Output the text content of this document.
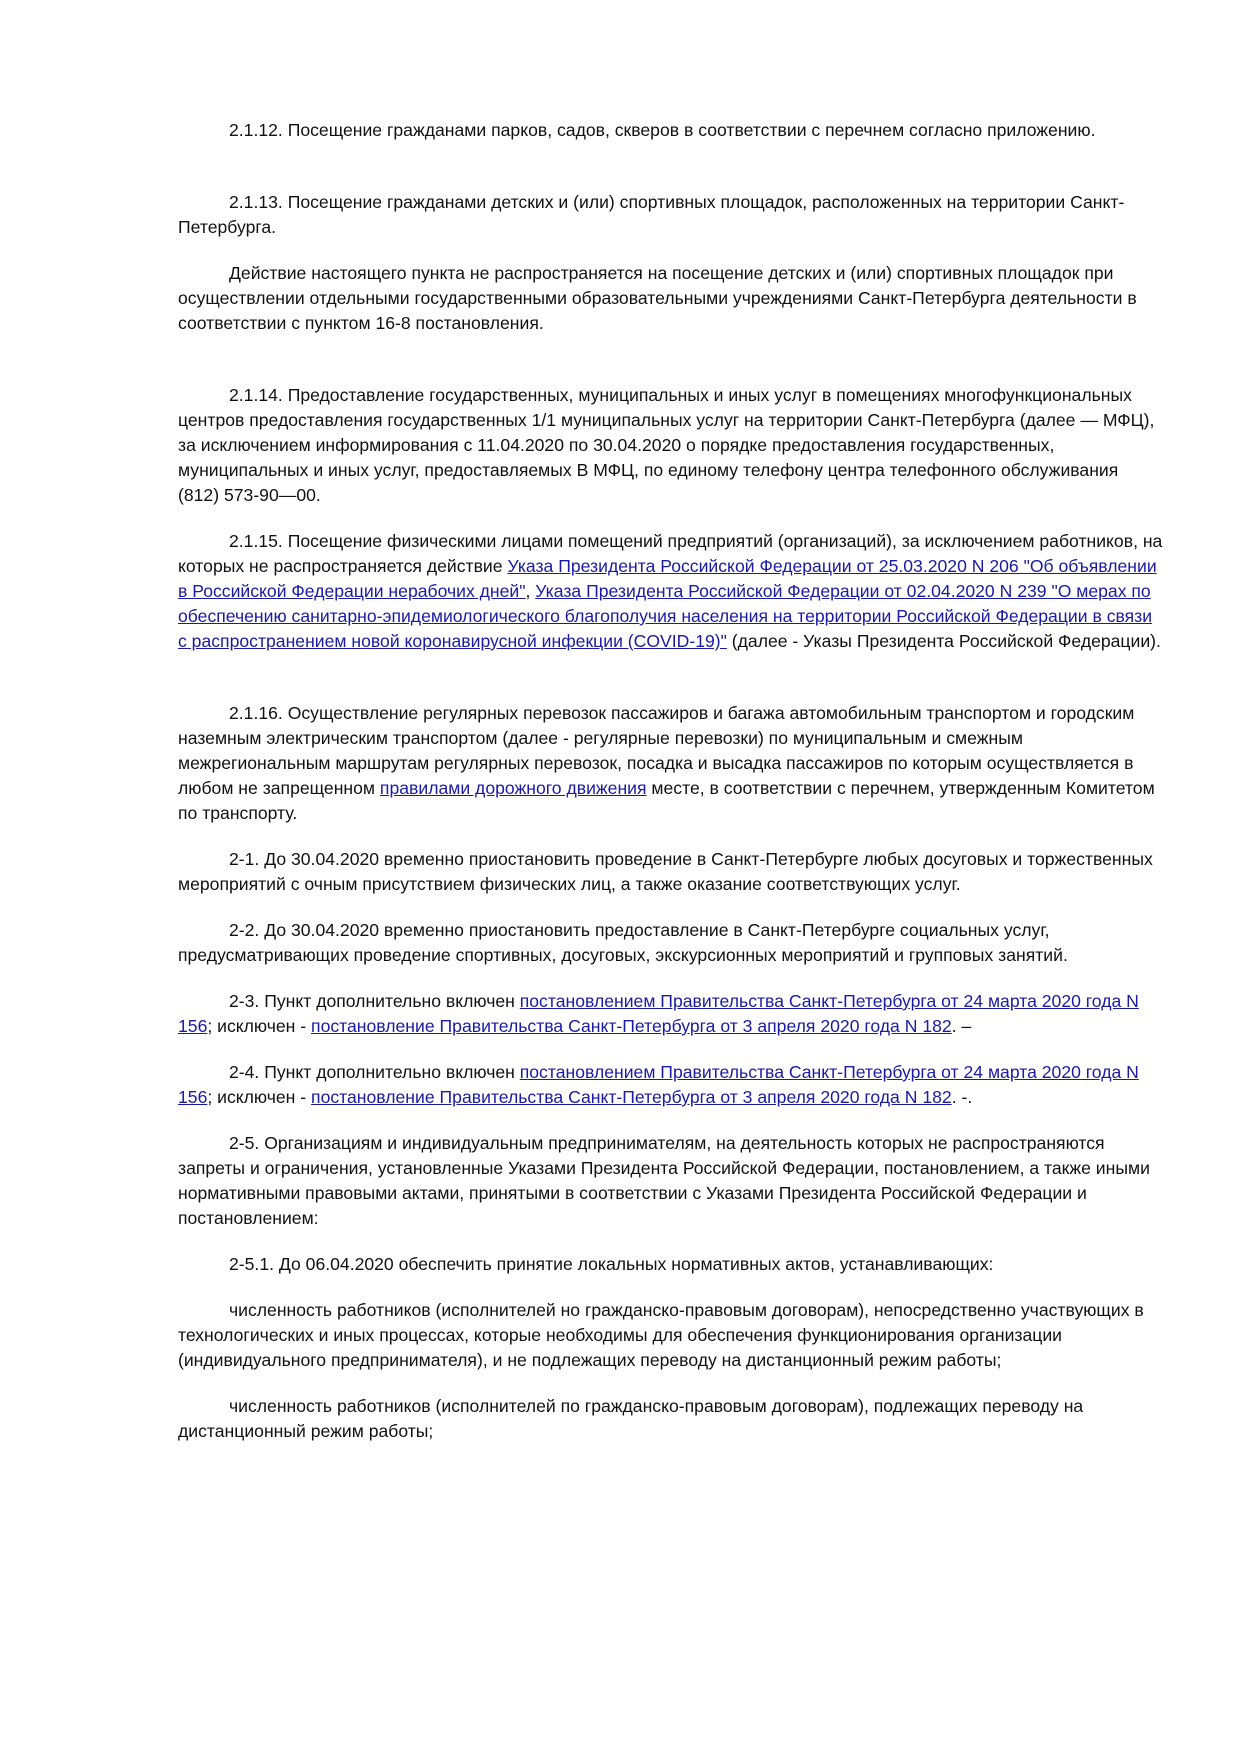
2.1.12. Посещение гражданами парков, садов, скверов в соответствии с перечнем согласно приложению.

2.1.13. Посещение гражданами детских и (или) спортивных площадок, расположенных на территории Санкт-Петербурга.

Действие настоящего пункта не распространяется на посещение детских и (или) спортивных площадок при осуществлении отдельными государственными образовательными учреждениями Санкт-Петербурга деятельности в соответствии с пунктом 16-8 постановления.

2.1.14. Предоставление государственных, муниципальных и иных услуг в помещениях многофункциональных центров предоставления государственных 1/1 муниципальных услуг на территории Санкт-Петербурга (далее — МФЦ), за исключением информирования с 11.04.2020 по 30.04.2020 о порядке предоставления государственных, муниципальных и иных услуг, предоставляемых В МФЦ, по единому телефону центра телефонного обслуживания (812) 573-90—00.

2.1.15. Посещение физическими лицами помещений предприятий (организаций), за исключением работников, на которых не распространяется действие Указа Президента Российской Федерации от 25.03.2020 N 206 "Об объявлении в Российской Федерации нерабочих дней", Указа Президента Российской Федерации от 02.04.2020 N 239 "О мерах по обеспечению санитарно-эпидемиологического благополучия населения на территории Российской Федерации в связи с распространением новой коронавирусной инфекции (COVID-19)" (далее - Указы Президента Российской Федерации).

2.1.16. Осуществление регулярных перевозок пассажиров и багажа автомобильным транспортом и городским наземным электрическим транспортом (далее - регулярные перевозки) по муниципальным и смежным межрегиональным маршрутам регулярных перевозок, посадка и высадка пассажиров по которым осуществляется в любом не запрещенном правилами дорожного движения месте, в соответствии с перечнем, утвержденным Комитетом по транспорту.

2-1. До 30.04.2020 временно приостановить проведение в Санкт-Петербурге любых досуговых и торжественных мероприятий с очным присутствием физических лиц, а также оказание соответствующих услуг.

2-2. До 30.04.2020 временно приостановить предоставление в Санкт-Петербурге социальных услуг, предусматривающих проведение спортивных, досуговых, экскурсионных мероприятий и групповых занятий.

2-3. Пункт дополнительно включен постановлением Правительства Санкт-Петербурга от 24 марта 2020 года N 156; исключен - постановление Правительства Санкт-Петербурга от 3 апреля 2020 года N 182. –

2-4. Пункт дополнительно включен постановлением Правительства Санкт-Петербурга от 24 марта 2020 года N 156; исключен - постановление Правительства Санкт-Петербурга от 3 апреля 2020 года N 182. -.

2-5. Организациям и индивидуальным предпринимателям, на деятельность которых не распространяются запреты и ограничения, установленные Указами Президента Российской Федерации, постановлением, а также иными нормативными правовыми актами, принятыми в соответствии с Указами Президента Российской Федерации и постановлением:

2-5.1. До 06.04.2020 обеспечить принятие локальных нормативных актов, устанавливающих:

численность работников (исполнителей но гражданско-правовым договорам), непосредственно участвующих в технологических и иных процессах, которые необходимы для обеспечения функционирования организации (индивидуального предпринимателя), и не подлежащих переводу на дистанционный режим работы;

численность работников (исполнителей по гражданско-правовым договорам), подлежащих переводу на дистанционный режим работы;
